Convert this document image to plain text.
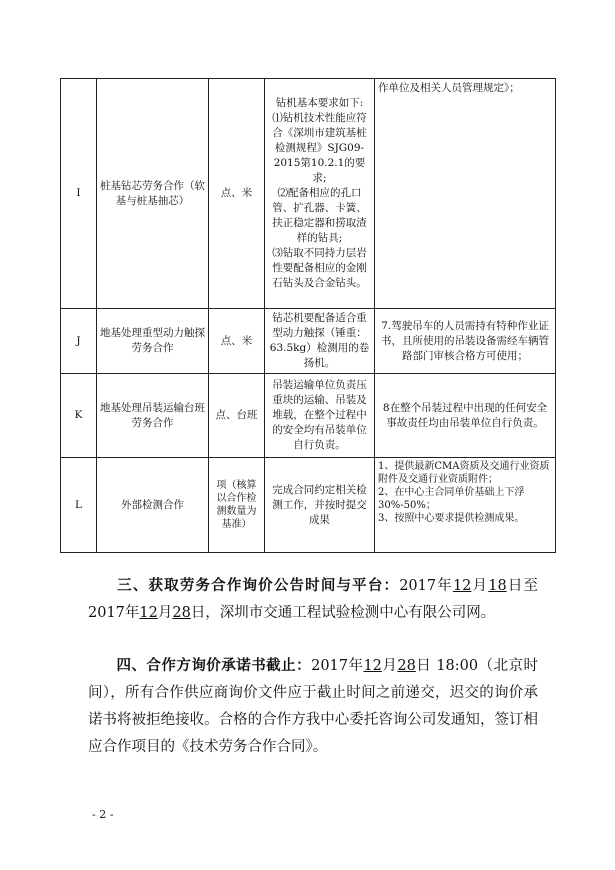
I	桩基钻芯劳务合作（软基与桩基抽芯）	点、米	钻机基本要求如下:
⑴钻机技术性能应符合《深圳市建筑基桩检测规程》SJG09-2015第10.2.1的要求;
⑵配备相应的孔口管、扩孔器、卡簧、扶正稳定器和捞取渣样的钻具;
⑶钻取不同持力层岩性要配备相应的金刚石钻头及合金钻头。	作单位及相关人员管理规定》；
J	地基处理重型动力触探劳务合作	点、米	钻芯机要配备适合重型动力触探（锤重：63.5kg）检测用的卷扬机。	7.驾驶吊车的人员需持有特种作业证书，且所使用的吊装设备需经车辆管路部门审核合格方可使用；
K	地基处理吊装运输台班劳务合作	点、台班	吊装运输单位负责压重块的运输、吊装及堆载，在整个过程中的安全均有吊装单位自行负责。	8在整个吊装过程中出现的任何安全事故责任均由吊装单位自行负责。
L	外部检测合作	项（核算以合作检测数量为基准）	完成合同约定相关检测工作，并按时提交成果	1、提供最新CMA资质及交通行业资质附件及交通行业资质附件；
2、在中心主合同单价基础上下浮30%-50%；
3、按照中心要求提供检测成果。
三、获取劳务合作询价公告时间与平台：2017年12月18日至2017年12月28日，深圳市交通工程试验检测中心有限公司网。
四、合作方询价承诺书截止：2017年12月28日 18:00（北京时间），所有合作供应商询价文件应于截止时间之前递交，迟交的询价承诺书将被拒绝接收。合格的合作方我中心委托咨询公司发通知，签订相应合作项目的《技术劳务合作合同》。
- 2 -
